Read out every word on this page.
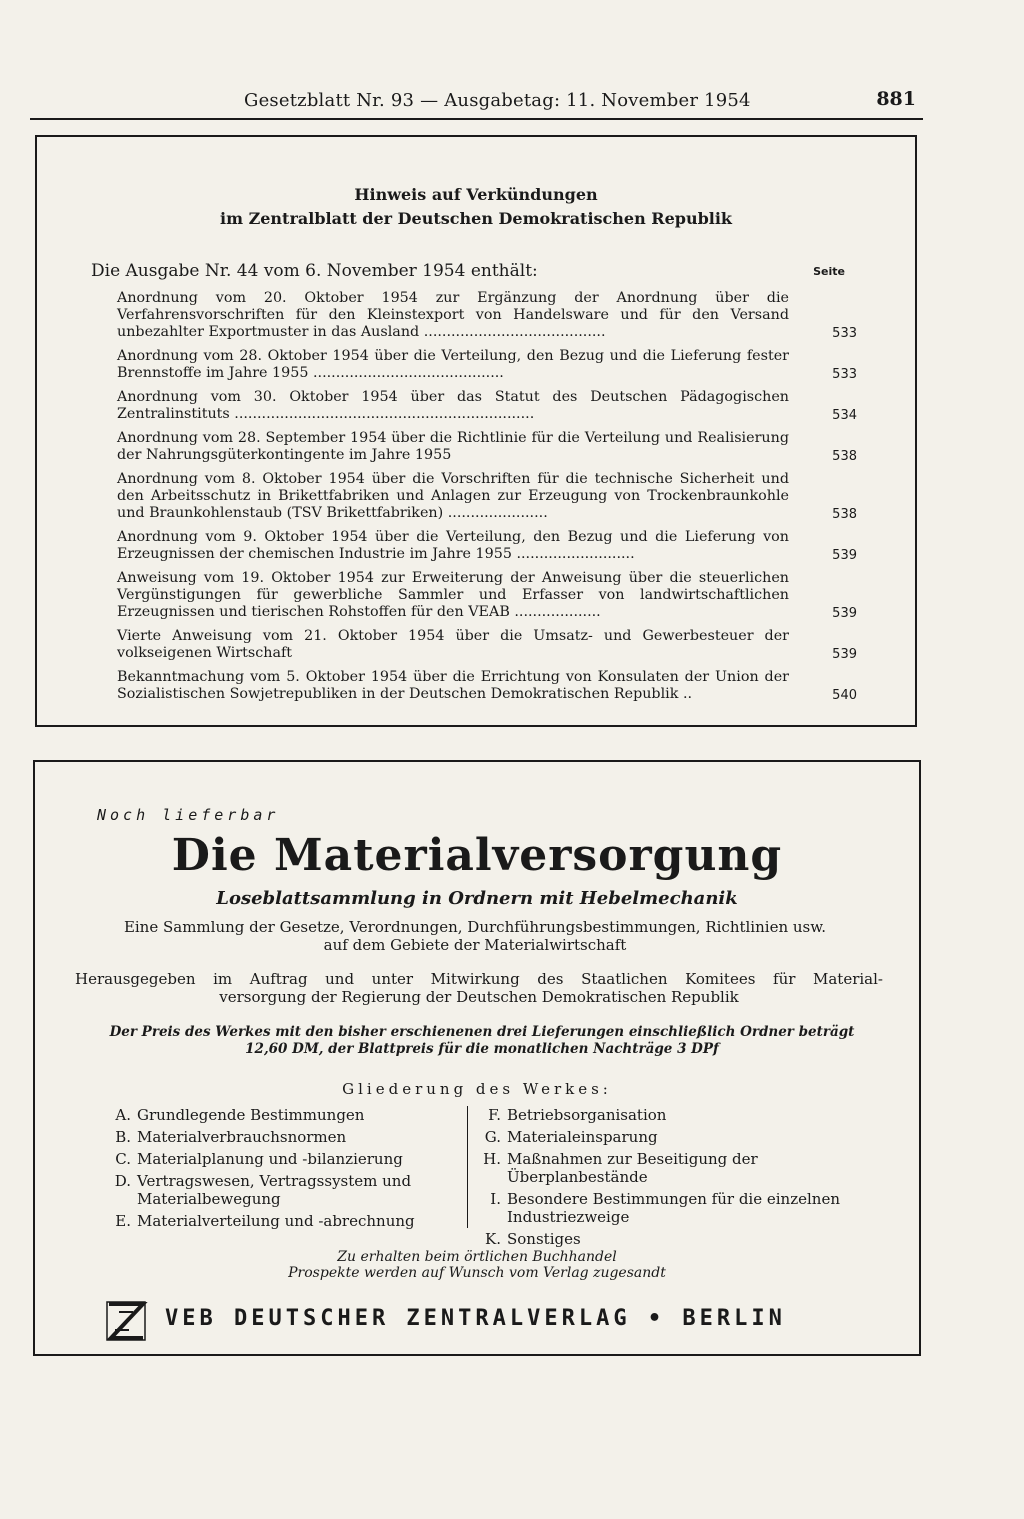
Gesetzblatt Nr. 93 — Ausgabetag: 11. November 1954	881
Hinweis auf Verkündungen
im Zentralblatt der Deutschen Demokratischen Republik
Die Ausgabe Nr. 44 vom 6. November 1954 enthält:	Seite
Anordnung vom 20. Oktober 1954 zur Ergänzung der Anordnung über die Verfahrensvorschriften für den Kleinstexport von Handelsware und für den Versand unbezahlter Exportmuster in das Ausland ........................................	533
Anordnung vom 28. Oktober 1954 über die Verteilung, den Bezug und die Lieferung fester Brennstoffe im Jahre 1955 ..........................................	533
Anordnung vom 30. Oktober 1954 über das Statut des Deutschen Pädagogischen Zentralinstituts ..................................................................	534
Anordnung vom 28. September 1954 über die Richtlinie für die Verteilung und Realisierung der Nahrungsgüterkontingente im Jahre 1955	538
Anordnung vom 8. Oktober 1954 über die Vorschriften für die technische Sicherheit und den Arbeitsschutz in Brikettfabriken und Anlagen zur Erzeugung von Trockenbraunkohle und Braunkohlenstaub (TSV Brikettfabriken) ......................	538
Anordnung vom 9. Oktober 1954 über die Verteilung, den Bezug und die Lieferung von Erzeugnissen der chemischen Industrie im Jahre 1955 ..........................	539
Anweisung vom 19. Oktober 1954 zur Erweiterung der Anweisung über die steuerlichen Vergünstigungen für gewerbliche Sammler und Erfasser von landwirtschaftlichen Erzeugnissen und tierischen Rohstoffen für den VEAB ...................	539
Vierte Anweisung vom 21. Oktober 1954 über die Umsatz- und Gewerbesteuer der volkseigenen Wirtschaft	539
Bekanntmachung vom 5. Oktober 1954 über die Errichtung von Konsulaten der Union der Sozialistischen Sowjetrepubliken in der Deutschen Demokratischen Republik ..	540
Noch lieferbar
Die Materialversorgung
Loseblattsammlung in Ordnern mit Hebelmechanik
Eine Sammlung der Gesetze, Verordnungen, Durchführungsbestimmungen, Richtlinien usw.
auf dem Gebiete der Materialwirtschaft
Herausgegeben im Auftrag und unter Mitwirkung des Staatlichen Komitees für Material-
versorgung der Regierung der Deutschen Demokratischen Republik
Der Preis des Werkes mit den bisher erschienenen drei Lieferungen einschließlich Ordner beträgt
12,60 DM, der Blattpreis für die monatlichen Nachträge 3 DPf
Gliederung des Werkes:
A. Grundlegende Bestimmungen
B. Materialverbrauchsnormen
C. Materialplanung und -bilanzierung
D. Vertragswesen, Vertragssystem und Materialbewegung
E. Materialverteilung und -abrechnung
F. Betriebsorganisation
G. Materialeinsparung
H. Maßnahmen zur Beseitigung der Überplanbestände
I. Besondere Bestimmungen für die einzelnen Industriezweige
K. Sonstiges
Zu erhalten beim örtlichen Buchhandel
Prospekte werden auf Wunsch vom Verlag zugesandt
VEB DEUTSCHER ZENTRALVERLAG • BERLIN
